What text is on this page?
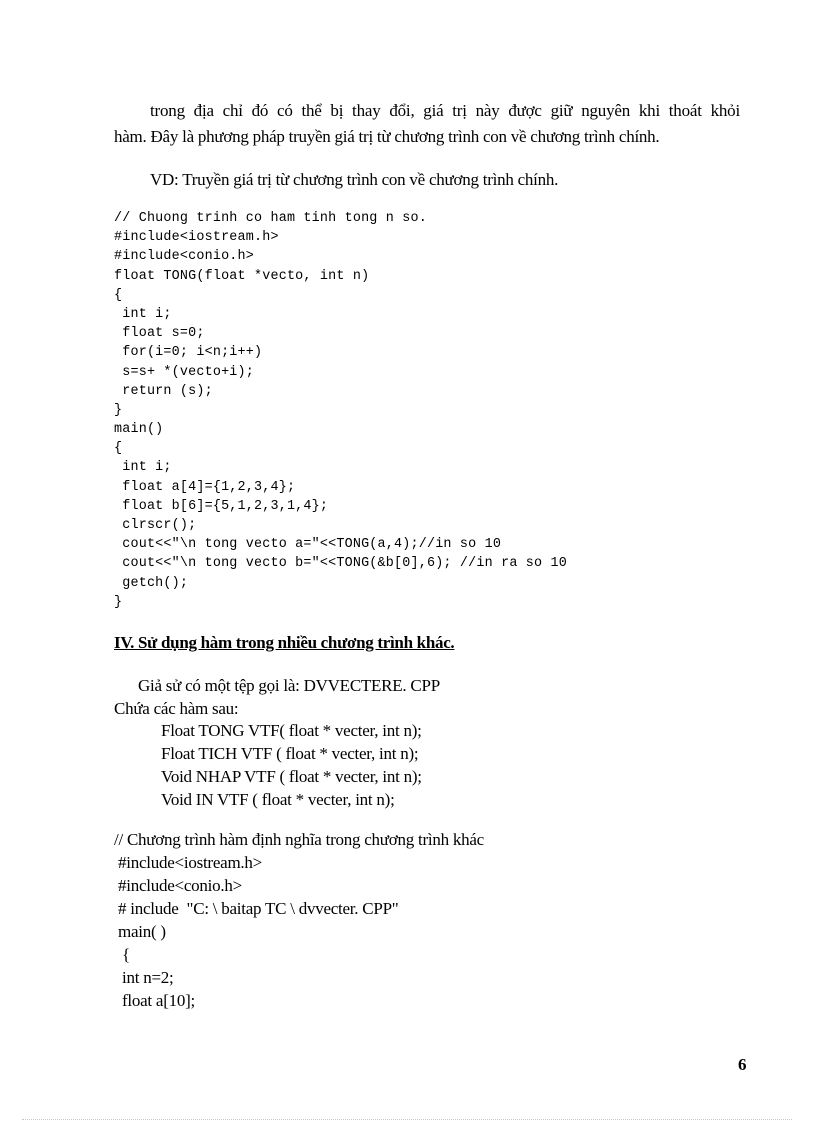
trong địa chỉ đó có thể bị thay đổi, giá trị này được giữ nguyên khi thoát khỏi
hàm. Đây là phương pháp truyền giá trị từ chương trình con về chương trình chính.
VD: Truyền giá trị từ chương trình con về chương trình chính.
// Chuong trinh co ham tinh tong n so.
#include<iostream.h>
#include<conio.h>
float TONG(float *vecto, int n)
{
int i;
float s=0;
for(i=0; i<n;i++)
s=s+ *(vecto+i);
return (s);
}
main()
{
int i;
float a[4]={1,2,3,4};
float b[6]={5,1,2,3,1,4};
clrscr();
cout<<"\n tong vecto a="<<TONG(a,4);//in so 10
cout<<"\n tong vecto b="<<TONG(&b[0],6); //in ra so 10
getch();
}
IV. Sử dụng hàm trong nhiều chương trình khác.
Giả sử có một tệp gọi là: DVVECTERE. CPP
Chứa các hàm sau:
Float TONG VTF( float * vecter, int n);
Float TICH VTF ( float * vecter, int n);
Void NHAP VTF ( float * vecter, int n);
Void IN VTF ( float * vecter, int n);
// Chương trình hàm định nghĩa trong chương trình khác
#include<iostream.h>
#include<conio.h>
# include  "C: \ baitap TC \ dvvecter. CPP"
main( )
{
int n=2;
float a[10];
6
